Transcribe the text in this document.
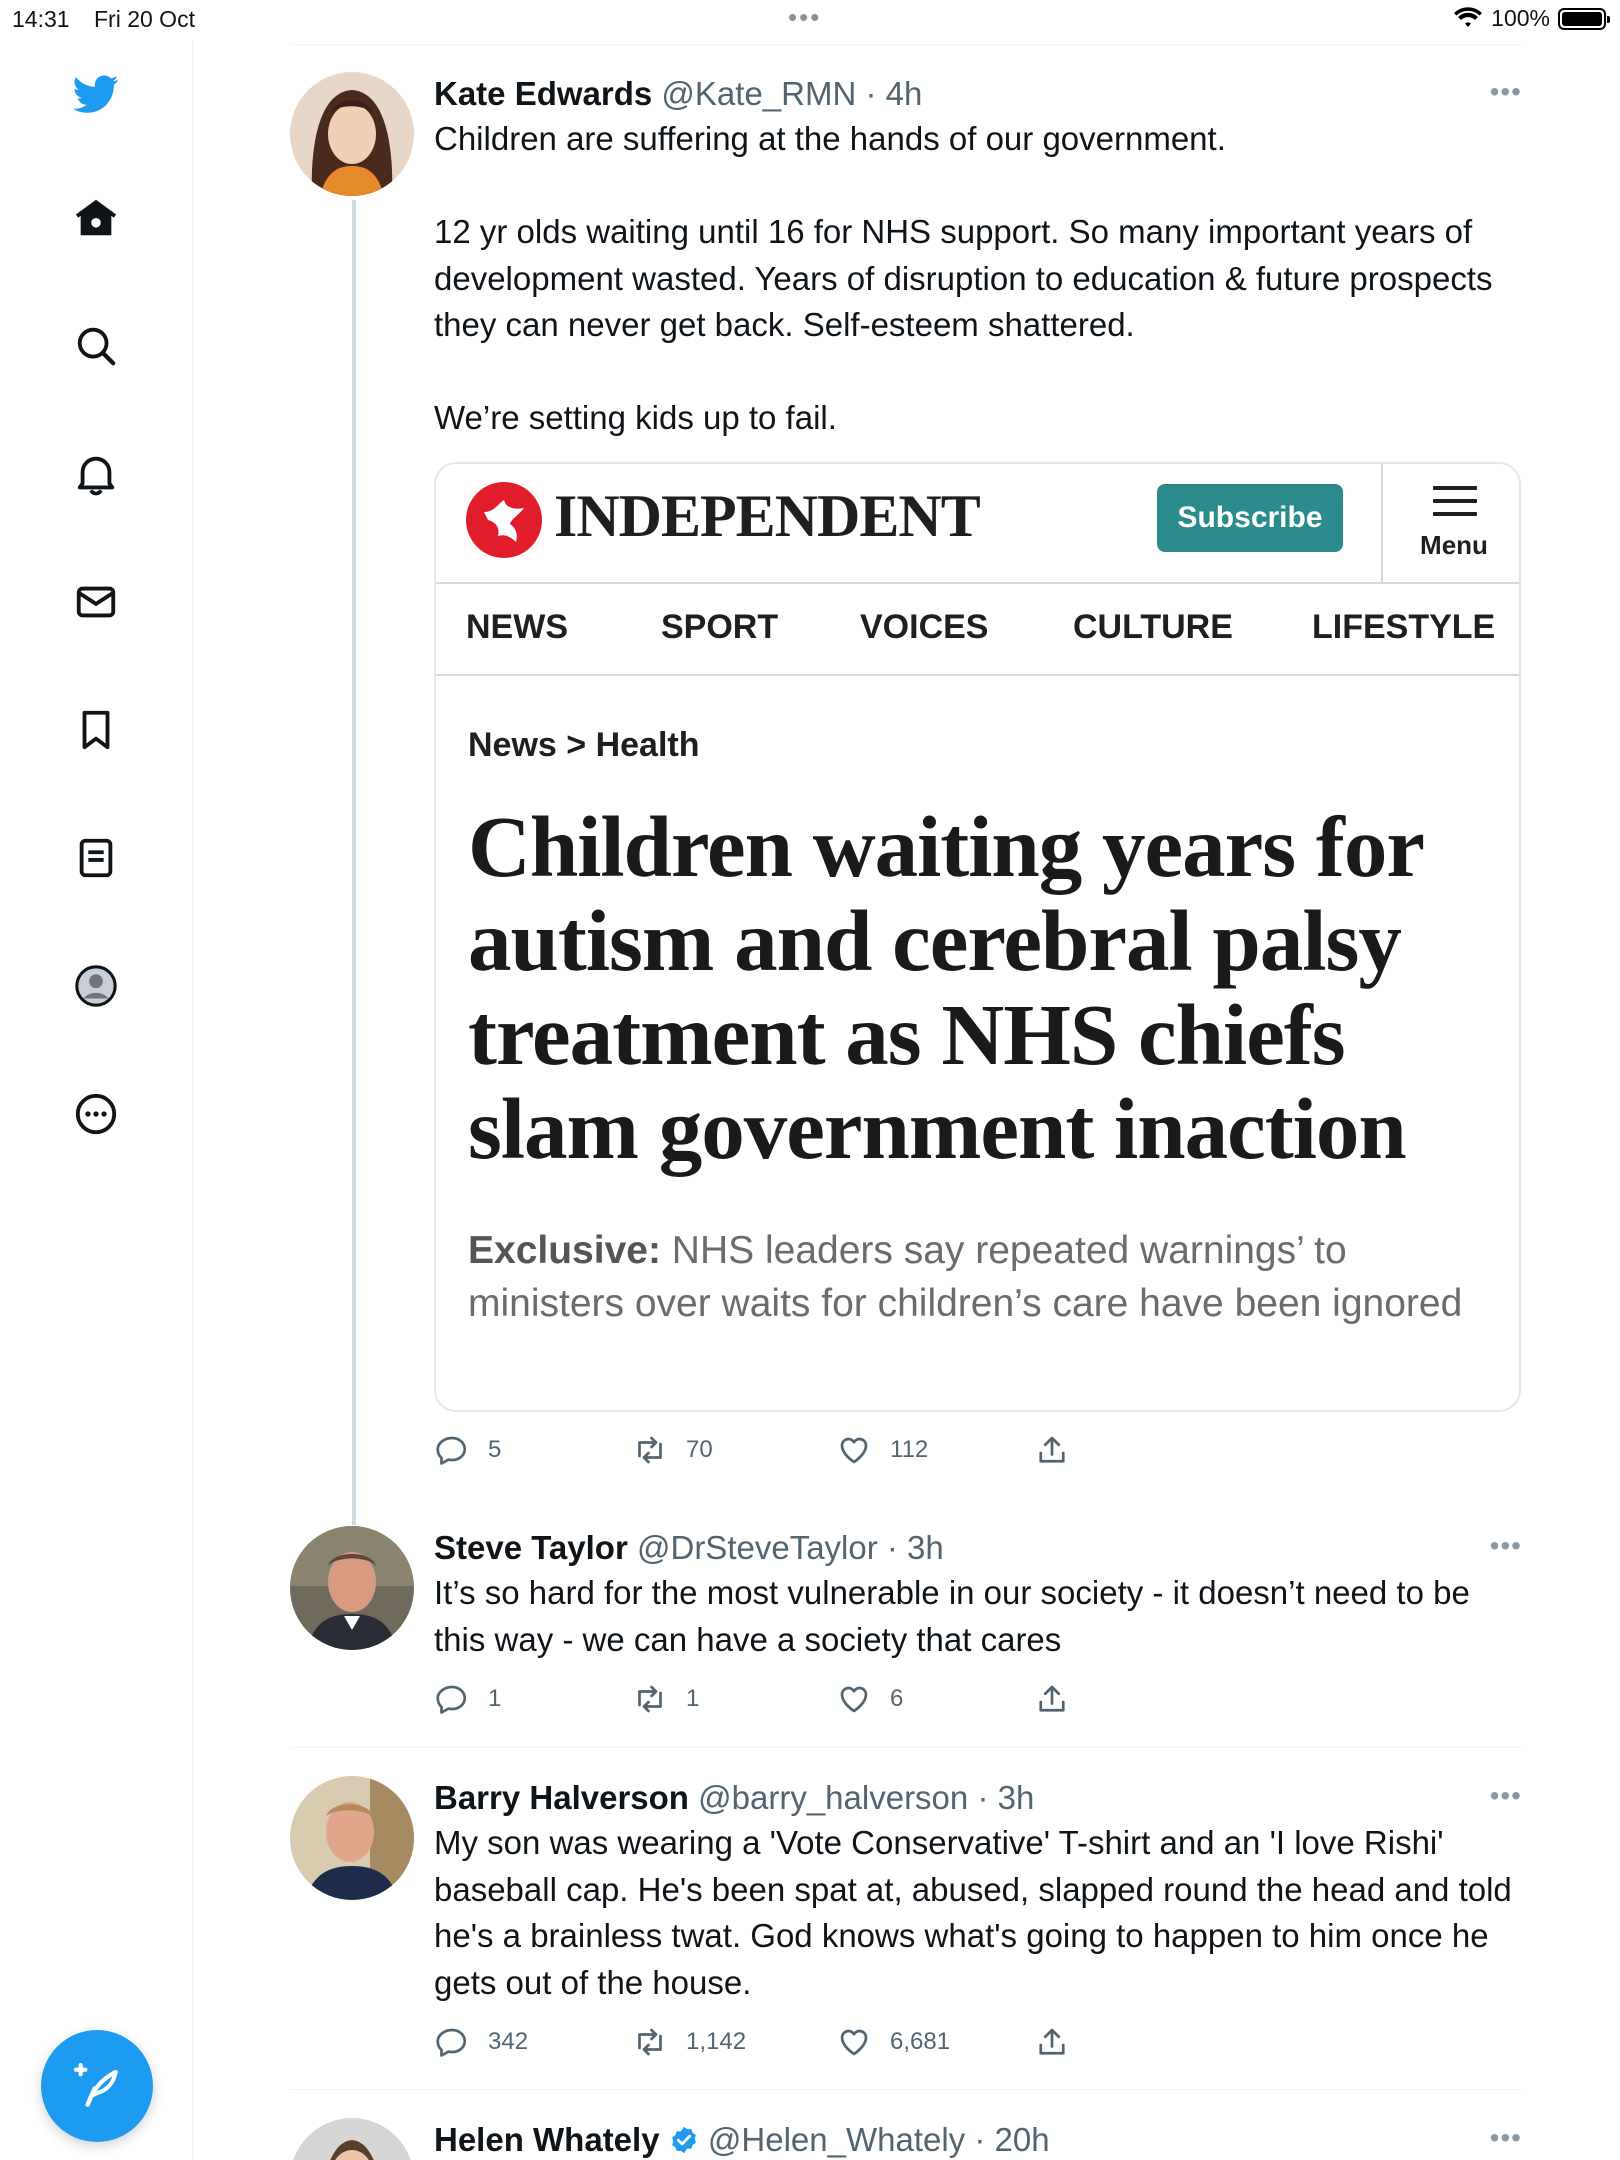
14:31 Fri 20 Oct	•••	100%
Kate Edwards @Kate_RMN · 4h	•••
Children are suffering at the hands of our government.

12 yr olds waiting until 16 for NHS support. So many important years of development wasted. Years of disruption to education & future prospects they can never get back. Self-esteem shattered.

We’re setting kids up to fail.
INDEPENDENT	Subscribe
Menu
NEWS	SPORT VOICES CULTURE LIFESTYLE
News > Health
Children waiting years for autism and cerebral palsy treatment as NHS chiefs slam government inaction
Exclusive: NHS leaders say repeated warnings’ to ministers over waits for children’s care have been ignored
5	70	112
Steve Taylor @DrSteveTaylor · 3h	•••
It’s so hard for the most vulnerable in our society - it doesn’t need to be this way - we can have a society that cares
1	1	6
Barry Halverson @barry_halverson · 3h	•••
My son was wearing a 'Vote Conservative' T-shirt and an 'I love Rishi' baseball cap. He's been spat at, abused, slapped round the head and told he's a brainless twat. God knows what's going to happen to him once he gets out of the house.
342	1,142	6,681
Helen Whately @Helen_Whately · 20h	•••
